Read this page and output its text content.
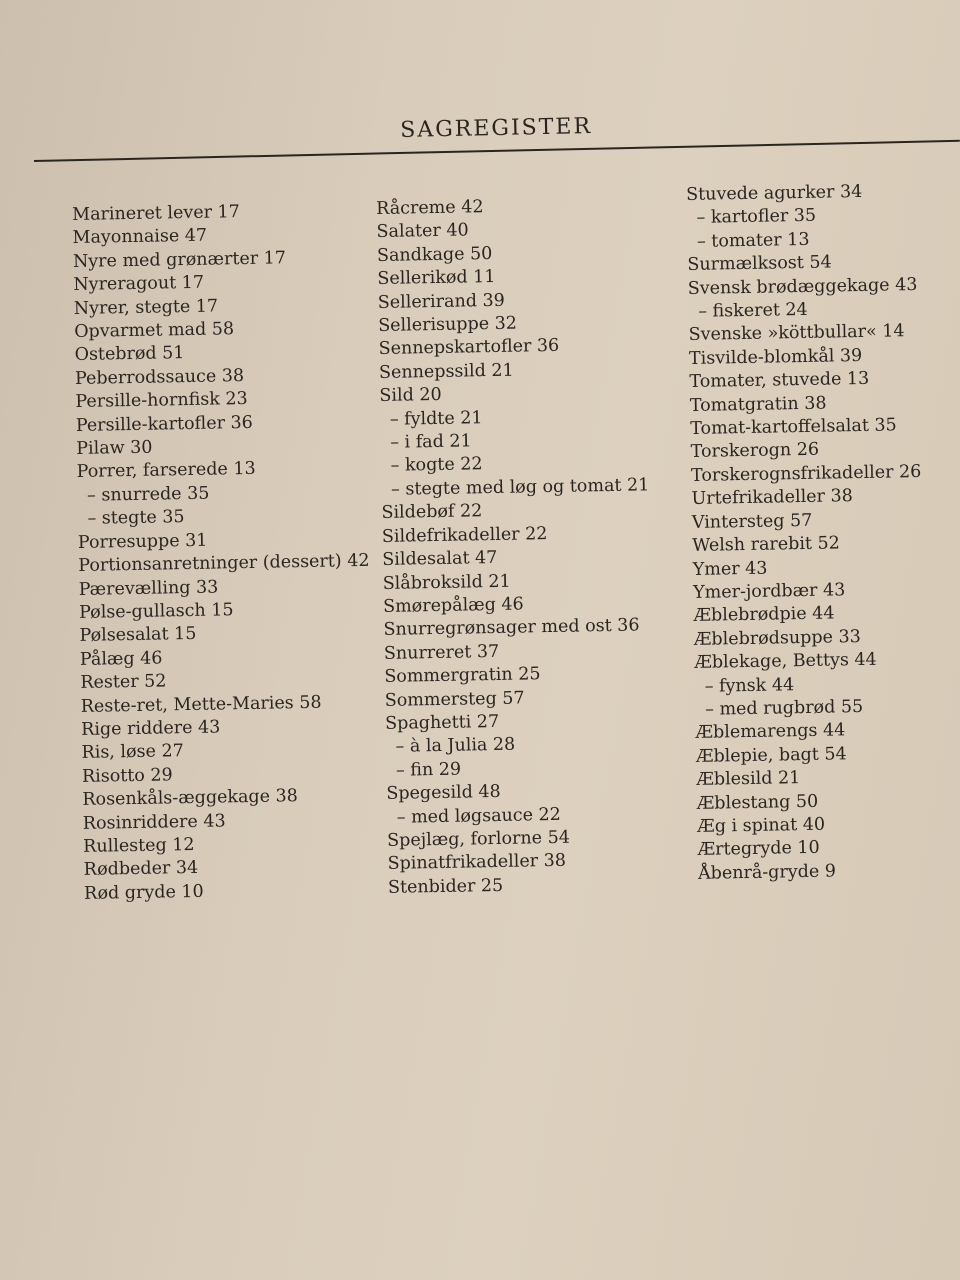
SAGREGISTER
Marineret lever 17
Mayonnaise 47
Nyre med grønærter 17
Nyreragout 17
Nyrer, stegte 17
Opvarmet mad 58
Ostebrød 51
Peberrodssauce 38
Persille-hornfisk 23
Persille-kartofler 36
Pilaw 30
Porrer, farserede 13
– snurrede 35
– stegte 35
Porresuppe 31
Portionsanretninger (dessert) 42
Pærevælling 33
Pølse-gullasch 15
Pølsesalat 15
Pålæg 46
Rester 52
Reste-ret, Mette-Maries 58
Rige riddere 43
Ris, løse 27
Risotto 29
Rosenkåls-æggekage 38
Rosinriddere 43
Rullesteg 12
Rødbeder 34
Rød gryde 10
Råcreme 42
Salater 40
Sandkage 50
Sellerikød 11
Sellerirand 39
Sellerisuppe 32
Sennepskartofler 36
Sennepssild 21
Sild 20
– fyldte 21
– i fad 21
– kogte 22
– stegte med løg og tomat 21
Sildebøf 22
Sildefrikadeller 22
Sildesalat 47
Slåbroksild 21
Smørepålæg 46
Snurregrønsager med ost 36
Snurreret 37
Sommergratin 25
Sommersteg 57
Spaghetti 27
– à la Julia 28
– fin 29
Spegesild 48
– med løgsauce 22
Spejlæg, forlorne 54
Spinatfrikadeller 38
Stenbider 25
Stuvede agurker 34
– kartofler 35
– tomater 13
Surmælksost 54
Svensk brødæggekage 43
– fiskeret 24
Svenske »köttbullar« 14
Tisvilde-blomkål 39
Tomater, stuvede 13
Tomatgratin 38
Tomat-kartoffelsalat 35
Torskerogn 26
Torskerognsfrikadeller 26
Urtefrikadeller 38
Vintersteg 57
Welsh rarebit 52
Ymer 43
Ymer-jordbær 43
Æblebrødpie 44
Æblebrødsuppe 33
Æblekage, Bettys 44
– fynsk 44
– med rugbrød 55
Æblemarengs 44
Æblepie, bagt 54
Æblesild 21
Æblestang 50
Æg i spinat 40
Ærtegryde 10
Åbenrå-gryde 9
